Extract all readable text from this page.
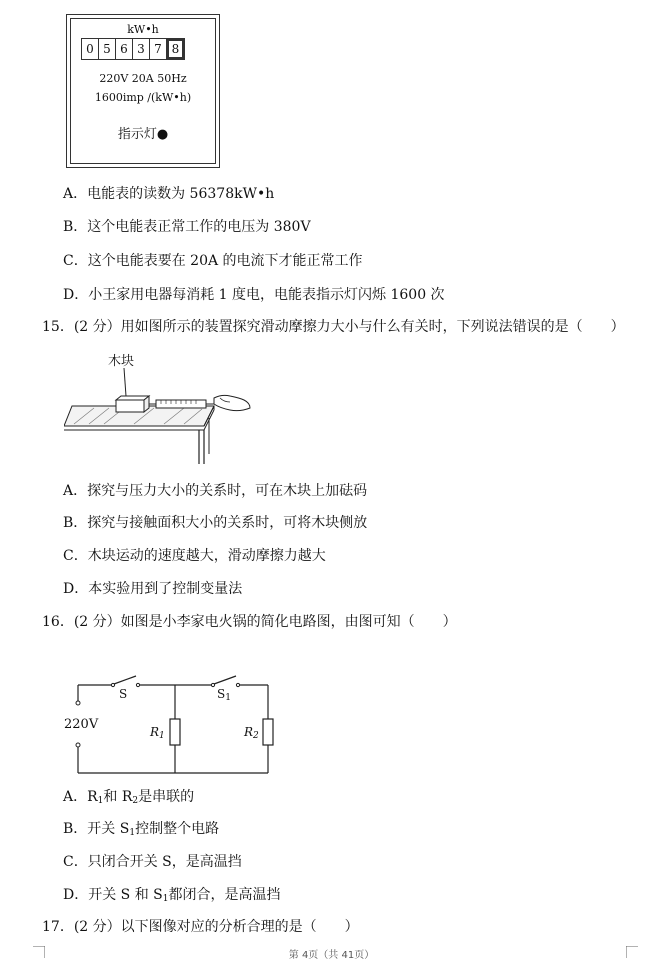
kW•h
0 5 6 3 7 8
220V 20A 50Hz
1600imp /(kW•h)
指示灯●
A．电能表的读数为 56378kW•h
B．这个电能表正常工作的电压为 380V
C．这个电能表要在 20A 的电流下才能正常工作
D．小王家用电器每消耗 1 度电，电能表指示灯闪烁 1600 次
15．(2 分）用如图所示的装置探究滑动摩擦力大小与什么有关时，下列说法错误的是（　　）
木块
A．探究与压力大小的关系时，可在木块上加砝码
B．探究与接触面积大小的关系时，可将木块侧放
C．木块运动的速度越大，滑动摩擦力越大
D．本实验用到了控制变量法
16．(2 分）如图是小李家电火锅的简化电路图，由图可知（　　）
S	$S_1$
220V	$R_1$	$R_2$
A．$R_1$和 $R_2$是串联的
B．开关 $S_1$控制整个电路
C．只闭合开关 S，是高温挡
D．开关 S 和 $S_1$都闭合，是高温挡
17．(2 分）以下图像对应的分析合理的是（　　）
第 4页（共 41页）
